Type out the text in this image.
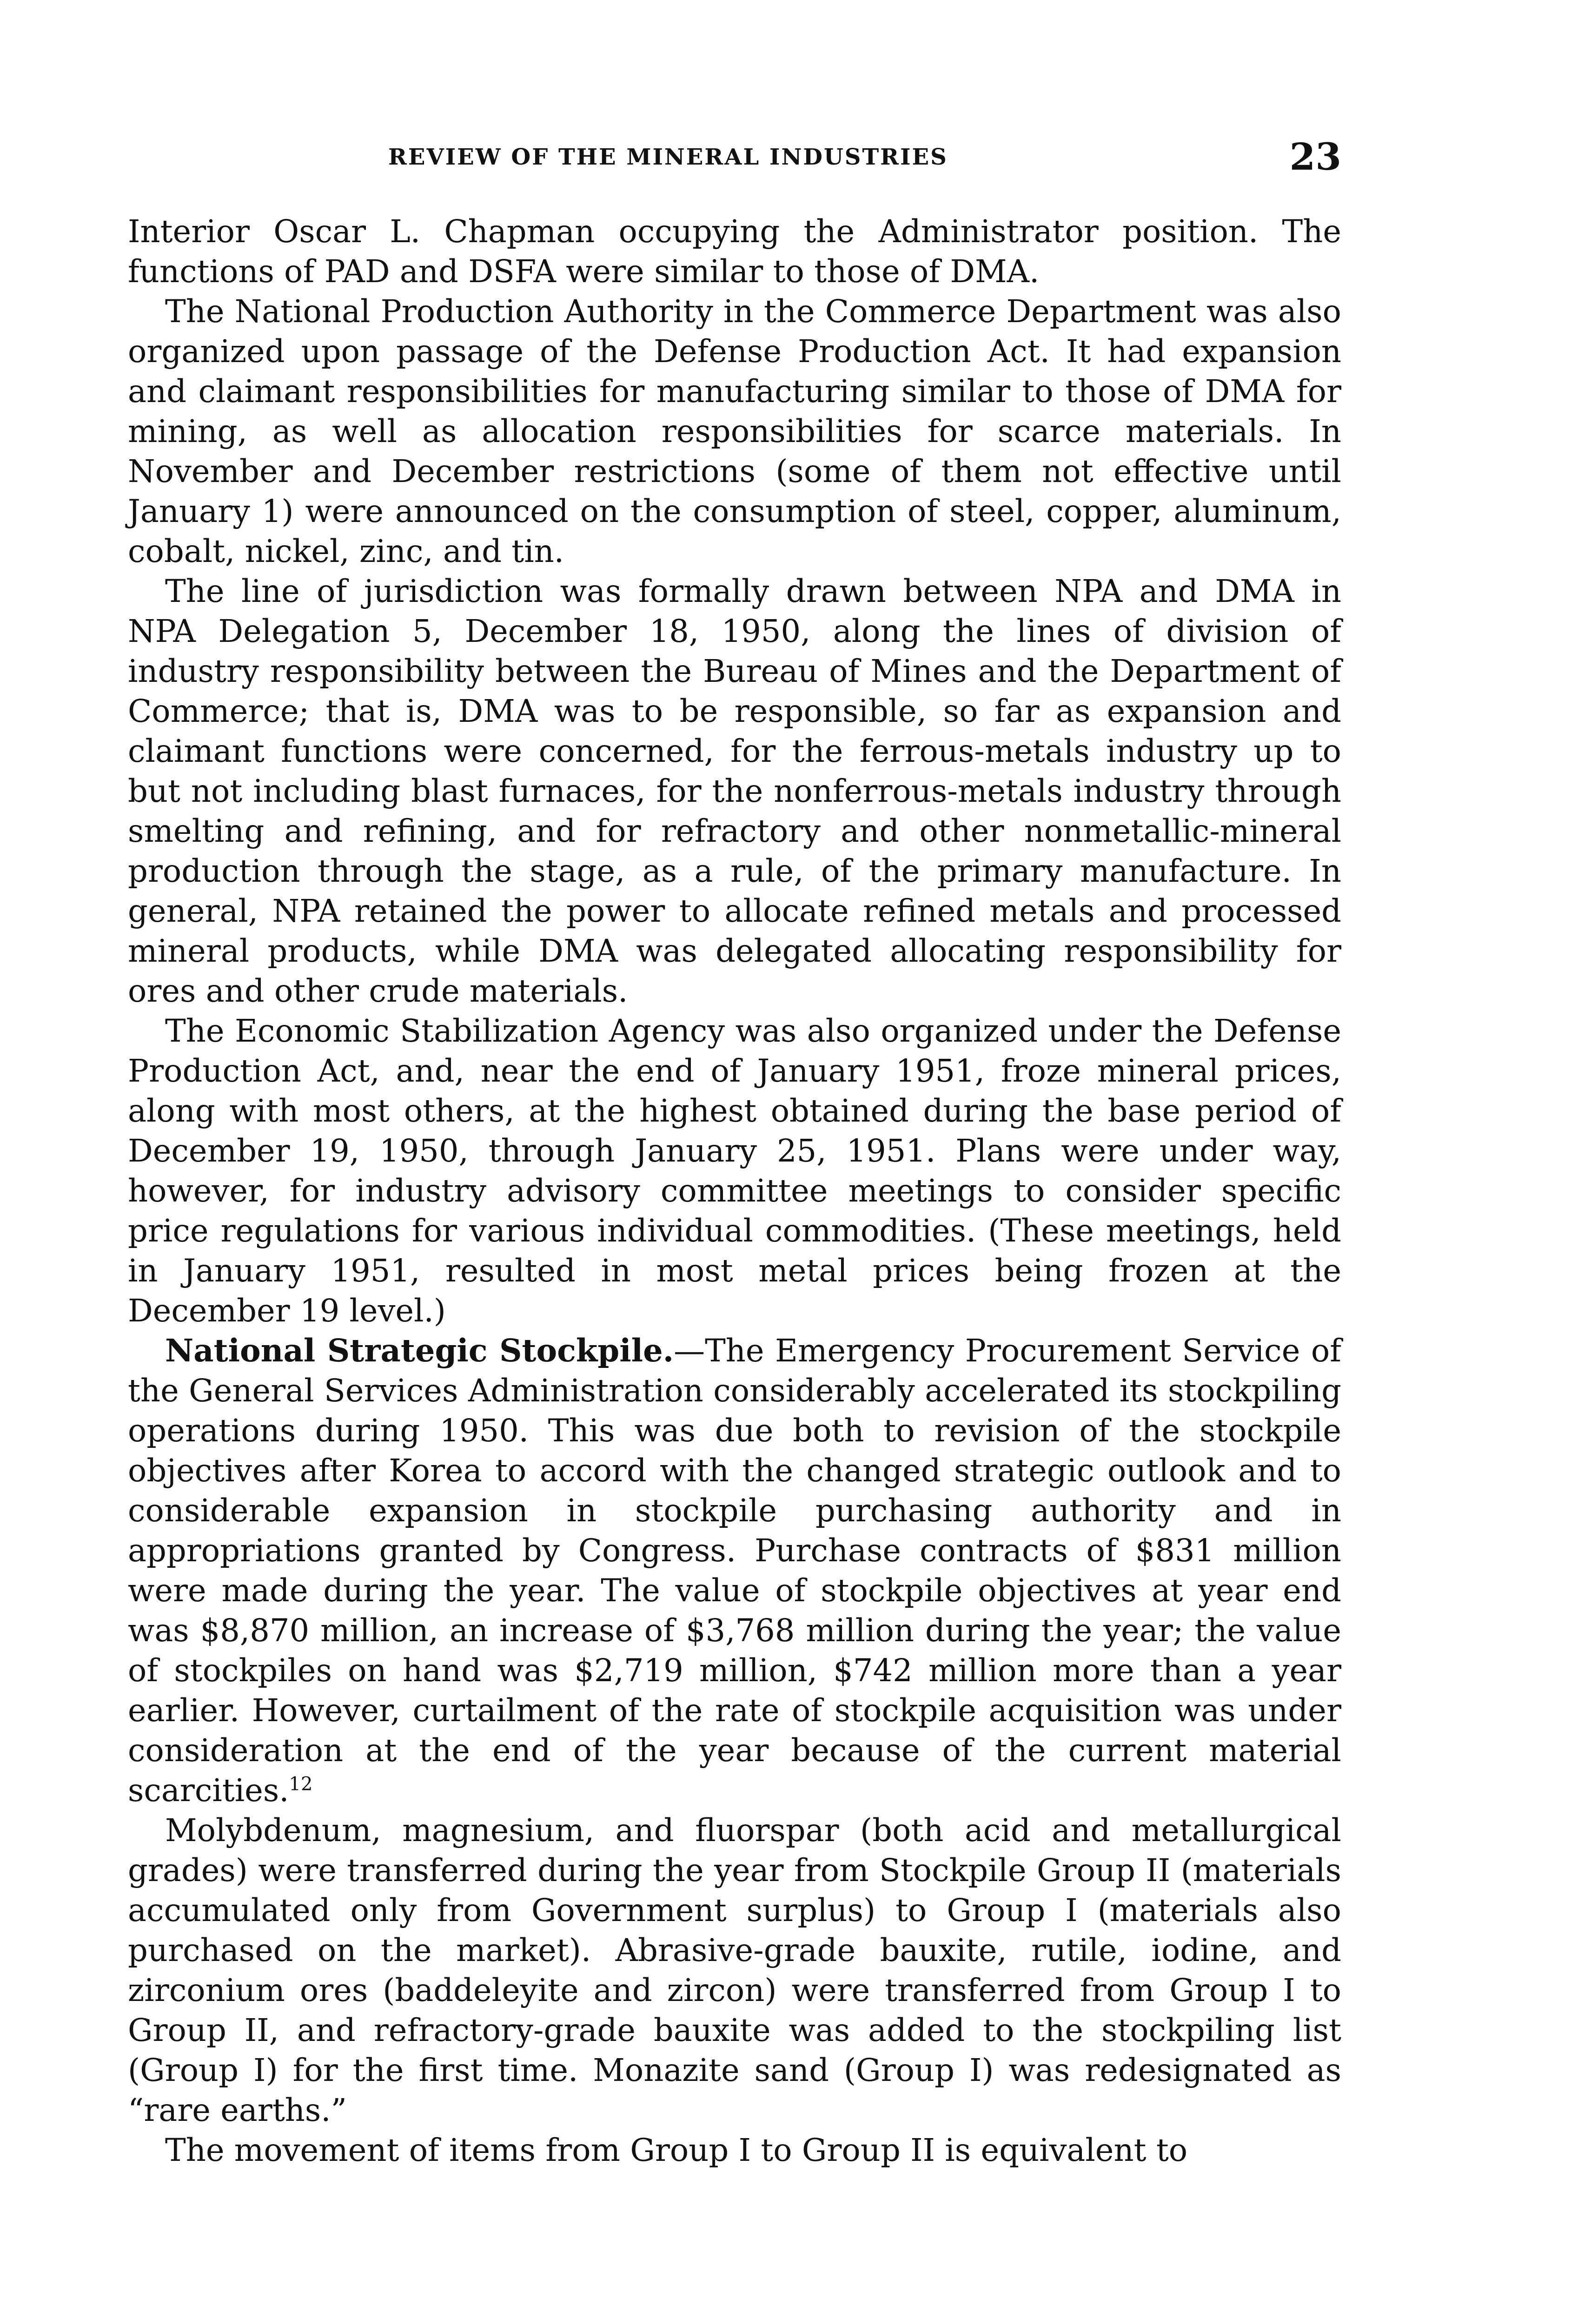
REVIEW OF THE MINERAL INDUSTRIES	23

Interior Oscar L. Chapman occupying the Administrator position. The functions of PAD and DSFA were similar to those of DMA.

The National Production Authority in the Commerce Department was also organized upon passage of the Defense Production Act. It had expansion and claimant responsibilities for manufacturing similar to those of DMA for mining, as well as allocation responsibilities for scarce materials. In November and December restrictions (some of them not effective until January 1) were announced on the consumption of steel, copper, aluminum, cobalt, nickel, zinc, and tin.

The line of jurisdiction was formally drawn between NPA and DMA in NPA Delegation 5, December 18, 1950, along the lines of division of industry responsibility between the Bureau of Mines and the Department of Commerce; that is, DMA was to be responsible, so far as expansion and claimant functions were concerned, for the ferrous-metals industry up to but not including blast furnaces, for the nonferrous-metals industry through smelting and refining, and for refractory and other nonmetallic-mineral production through the stage, as a rule, of the primary manufacture. In general, NPA retained the power to allocate refined metals and processed mineral products, while DMA was delegated allocating responsibility for ores and other crude materials.

The Economic Stabilization Agency was also organized under the Defense Production Act, and, near the end of January 1951, froze mineral prices, along with most others, at the highest obtained during the base period of December 19, 1950, through January 25, 1951. Plans were under way, however, for industry advisory committee meetings to consider specific price regulations for various individual commodities. (These meetings, held in January 1951, resulted in most metal prices being frozen at the December 19 level.)

National Strategic Stockpile.—The Emergency Procurement Service of the General Services Administration considerably accelerated its stockpiling operations during 1950. This was due both to revision of the stockpile objectives after Korea to accord with the changed strategic outlook and to considerable expansion in stockpile purchasing authority and in appropriations granted by Congress. Purchase contracts of $831 million were made during the year. The value of stockpile objectives at year end was $8,870 million, an increase of $3,768 million during the year; the value of stockpiles on hand was $2,719 million, $742 million more than a year earlier. However, curtailment of the rate of stockpile acquisition was under consideration at the end of the year because of the current material scarcities.$^{12}$

Molybdenum, magnesium, and fluorspar (both acid and metallurgical grades) were transferred during the year from Stockpile Group II (materials accumulated only from Government surplus) to Group I (materials also purchased on the market). Abrasive-grade bauxite, rutile, iodine, and zirconium ores (baddeleyite and zircon) were transferred from Group I to Group II, and refractory-grade bauxite was added to the stockpiling list (Group I) for the first time. Monazite sand (Group I) was redesignated as “rare earths.”

The movement of items from Group I to Group II is equivalent to
